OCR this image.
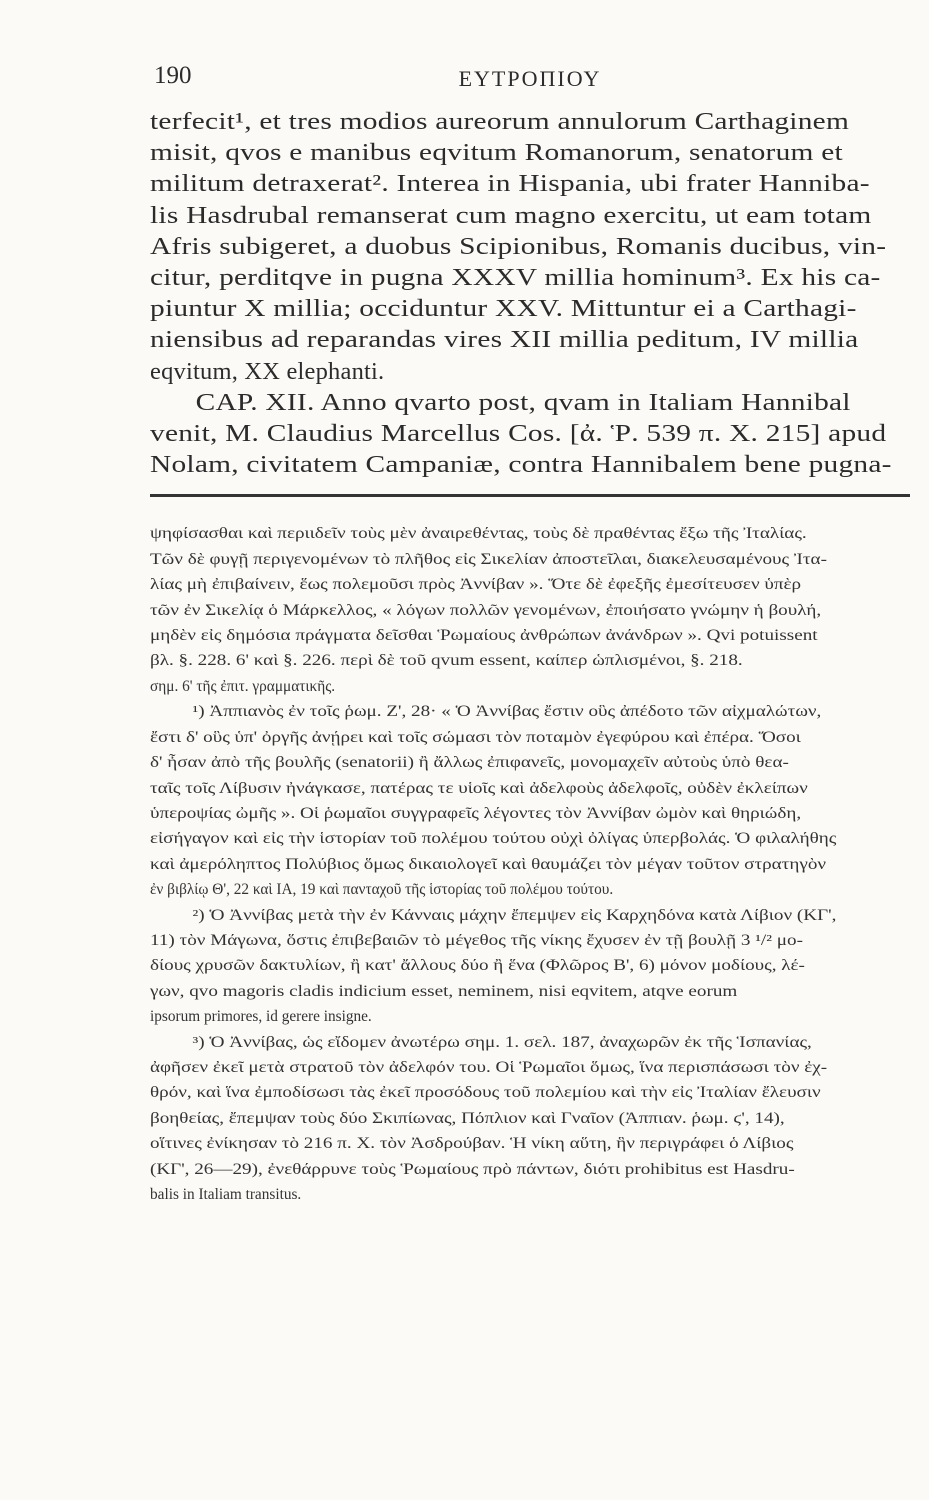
190	ΕΥΤΡΟΠΙΟΥ
terfecit¹, et tres modios aureorum annulorum Carthaginem
misit, qvos e manibus eqvitum Romanorum, senatorum et
militum detraxerat². Interea in Hispania, ubi frater Hanniba-
lis Hasdrubal remanserat cum magno exercitu, ut eam totam
Afris subigeret, a duobus Scipionibus, Romanis ducibus, vin-
citur, perditqve in pugna XXXV millia hominum³. Ex his ca-
piuntur X millia; occiduntur XXV. Mittuntur ei a Carthagi-
niensibus ad reparandas vires XII millia peditum, IV millia
eqvitum, XX elephanti.
CAP. XII. Anno qvarto post, qvam in Italiam Hannibal
venit, M. Claudius Marcellus Cos. [ἀ. Ῥ. 539 π. Χ. 215] apud
Nolam, civitatem Campaniæ, contra Hannibalem bene pugna-
ψηφίσασθαι καὶ περιιδεῖν τοὺς μὲν ἀναιρεθέντας, τοὺς δὲ πραθέντας ἔξω τῆς Ἰταλίας.
Τῶν δὲ φυγῇ περιγενομένων τὸ πλῆθος εἰς Σικελίαν ἀποστεῖλαι, διακελευσαμένους Ἰτα-
λίας μὴ ἐπιβαίνειν, ἕως πολεμοῦσι πρὸς Ἀννίβαν ». Ὅτε δὲ ἐφεξῆς ἐμεσίτευσεν ὑπὲρ
τῶν ἐν Σικελίᾳ ὁ Μάρκελλος, « λόγων πολλῶν γενομένων, ἐποιήσατο γνώμην ἡ βουλή,
μηδὲν εἰς δημόσια πράγματα δεῖσθαι Ῥωμαίους ἀνθρώπων ἀνάνδρων ». Qvi potuissent
βλ. §. 228. 6' καὶ §. 226. περὶ δὲ τοῦ qvum essent, καίπερ ὡπλισμένοι, §. 218.
σημ. 6' τῆς ἐπιτ. γραμματικῆς.
¹) Ἀππιανὸς ἐν τοῖς ῥωμ. Ζ', 28· « Ὁ Ἀννίβας ἔστιν οὓς ἀπέδοτο τῶν αἰχμαλώτων,
ἔστι δ' οὓς ὑπ' ὀργῆς ἀνῄρει καὶ τοῖς σώμασι τὸν ποταμὸν ἐγεφύρου καὶ ἐπέρα. Ὅσοι
δ' ἦσαν ἀπὸ τῆς βουλῆς (senatorii) ἢ ἄλλως ἐπιφανεῖς, μονομαχεῖν αὐτοὺς ὑπὸ θεα-
ταῖς τοῖς Λίβυσιν ἠνάγκασε, πατέρας τε υἱοῖς καὶ ἀδελφοὺς ἀδελφοῖς, οὐδὲν ἐκλείπων
ὑπεροψίας ὠμῆς ». Οἱ ῥωμαῖοι συγγραφεῖς λέγοντες τὸν Ἀννίβαν ὠμὸν καὶ θηριώδη,
εἰσήγαγον καὶ εἰς τὴν ἱστορίαν τοῦ πολέμου τούτου οὐχὶ ὀλίγας ὑπερβολάς. Ὁ φιλαλήθης
καὶ ἀμερόληπτος Πολύβιος ὅμως δικαιολογεῖ καὶ θαυμάζει τὸν μέγαν τοῦτον στρατηγὸν
ἐν βιβλίῳ Θ', 22 καὶ ΙΑ, 19 καὶ πανταχοῦ τῆς ἱστορίας τοῦ πολέμου τούτου.
²) Ὁ Ἀννίβας μετὰ τὴν ἐν Κάνναις μάχην ἔπεμψεν εἰς Καρχηδόνα κατὰ Λίβιον (ΚΓ',
11) τὸν Μάγωνα, ὅστις ἐπιβεβαιῶν τὸ μέγεθος τῆς νίκης ἔχυσεν ἐν τῇ βουλῇ 3 ¹/² μο-
δίους χρυσῶν δακτυλίων, ἢ κατ' ἄλλους δύο ἢ ἕνα (Φλῶρος Β', 6) μόνον μοδίους, λέ-
γων, qvo magoris cladis indicium esset, neminem, nisi eqvitem, atqve eorum
ipsorum primores, id gerere insigne.
³) Ὁ Ἀννίβας, ὡς εἴδομεν ἀνωτέρω σημ. 1. σελ. 187, ἀναχωρῶν ἐκ τῆς Ἱσπανίας,
ἀφῆσεν ἐκεῖ μετὰ στρατοῦ τὸν ἀδελφόν του. Οἱ Ῥωμαῖοι ὅμως, ἵνα περισπάσωσι τὸν ἐχ-
θρόν, καὶ ἵνα ἐμποδίσωσι τὰς ἐκεῖ προσόδους τοῦ πολεμίου καὶ τὴν εἰς Ἰταλίαν ἔλευσιν
βοηθείας, ἔπεμψαν τοὺς δύο Σκιπίωνας, Πόπλιον καὶ Γναῖον (Ἀππιαν. ῥωμ. ϛ', 14),
οἵτινες ἐνίκησαν τὸ 216 π. Χ. τὸν Ἀσδρούβαν. Ἡ νίκη αὕτη, ἣν περιγράφει ὁ Λίβιος
(ΚΓ', 26—29), ἐνεθάρρυνε τοὺς Ῥωμαίους πρὸ πάντων, διότι prohibitus est Hasdru-
balis in Italiam transitus.
